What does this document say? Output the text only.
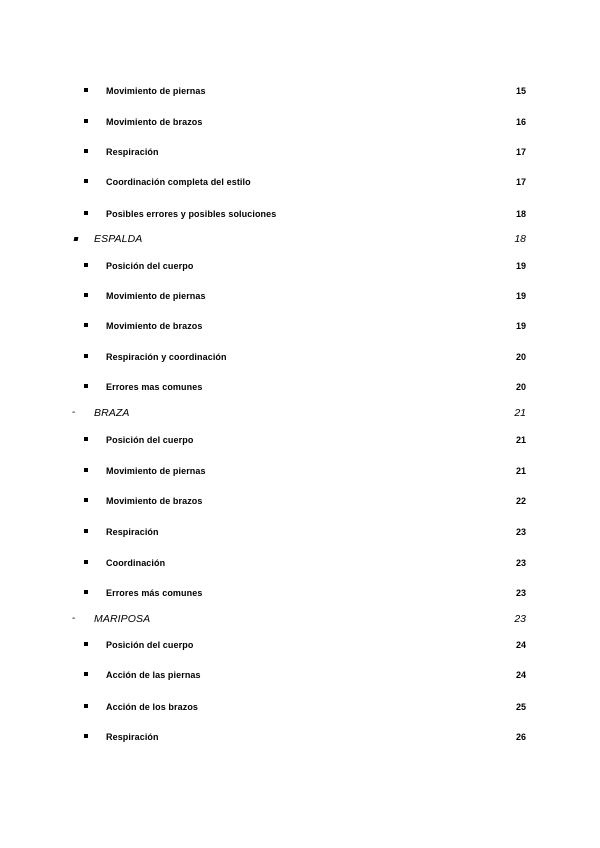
Movimiento de piernas	15
Movimiento de brazos	16
Respiración	17
Coordinación completa del estilo	17
Posibles errores y posibles soluciones	18
ESPALDA	18
Posición del cuerpo	19
Movimiento de piernas	19
Movimiento de brazos	19
Respiración y coordinación	20
Errores mas comunes	20
- BRAZA	21
Posición del cuerpo	21
Movimiento de piernas	21
Movimiento de brazos	22
Respiración	23
Coordinación	23
Errores más comunes	23
- MARIPOSA	23
Posición del cuerpo	24
Acción de las piernas	24
Acción de los brazos	25
Respiración	26
